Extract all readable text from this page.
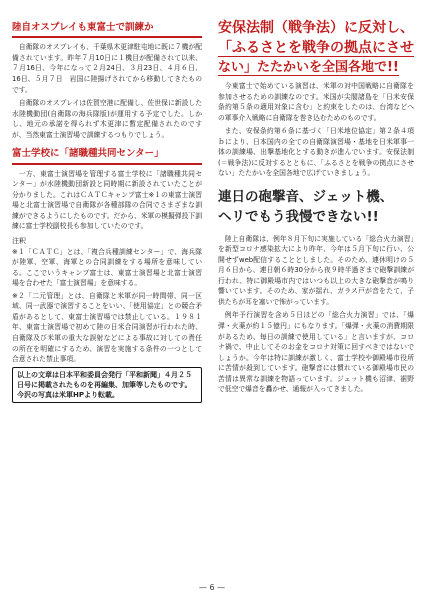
陸自オスプレイも東富士で訓練か

自衛隊のオスプレイも、千葉県木更津駐屯地に既に７機が配備されています。昨年７月10日に１機目が配備されて以来、７月16日、今年になって２月24日、３月23日、４月６日、16日、５月７日　岩国に陸揚げされてから移動してきたものです。

自衛隊のオスプレイは佐賀空港に配備し、佐世保に新設した水陸機動団(自衛隊の海兵隊版)が運用する予定でした。しかし、地元の承諾を得られず木更津に暫定配備されたのですが、当然東富士演習場で訓練するつもりでしょう。

富士学校に「諸職種共同センター」

一方、東富士演習場を管理する富士学校に「諸職種共同センター」が水陸機動団新設と同時期に新設されていたことが分かりました。これはＣＡＴＣキャンプ富士※１の東富士演習場と北富士演習場で自衛隊が各種部隊の合同でさまざまな訓練ができるようにしたものです。だから、米軍の模擬弾投下訓練に富士学校副校長も参加していたのです。

注釈

※１「ＣＡＴＣ」とは、「複合兵種訓練センター」で、海兵隊が陸軍、空軍、海軍との合同訓練をする場所を意味している。ここでいうキャンプ富士は、東富士演習場と北富士演習場を合わせた「富士演習場」を意味する。

※２「二元管理」とは、自衛隊と米軍が同一時間帯、同一区域、同一武器で演習することをいい、「使用協定」との競合矛盾があるとして、東富士演習場では禁止している。１９８１年、東富士演習場で初めて陸の日米合同演習が行われた時、自衛隊及び米軍の重大な誤射などによる事故に対しての責任の所在を明確にするため、演習を実施する条件の一つとして合意された禁止事項。

以上の文章は日本平和委員会発行「平和新聞」４月２５日号に掲載されたものを再編集、加筆等したものです。今沢の写真は米軍HPより転載。
安保法制（戦争法）に反対し、
「ふるさとを戦争の拠点にさせ
ない」たたかいを全国各地で!!

今東富士で始めている演習は、米軍の対中国戦略に自衛隊を参加させるための訓練なのです。米国が尖閣諸島を「日米安保条約第５条の適用対象に含む」と約束をしたのは、台湾などへの軍事介入戦略に自衛隊を巻き込むためのものです。

また、安保条約第６条に基づく「日米地位協定」第２条４項ｂにより、日本国内の全ての自衛隊演習場・基地を日米軍事一体の訓練場、出撃基地化とする動きが進んでいます。安保法制(＝戦争法)に反対するとともに、「ふるさとを戦争の拠点にさせない」たたかいを全国各地で広げていきましょう。

連日の砲撃音、ジェット機、
ヘリでもう我慢できない!!

陸上自衛隊は、例年８月下旬に実施している「総合火力演習」を新型コロナ感染拡大により昨年、今年は５月下旬に行い、公開せずweb配信することとしました。そのため、連休明けの５月６日から、連日朝６時30分から夜９時半過ぎまで砲撃訓練が行われ、特に御殿場市内ではいつも以上の大きな砲撃音が鳴り響いています。そのため、家が揺れ、ガラス戸が音をたて、子供たちが耳を塞いで怖がっています。

例年予行演習を含め５日ほどの「総合火力演習」では、「爆弾・火薬が約１５億円」にもなります。「爆弾・火薬の消費期限があるため、毎日の訓練で使用している」と言いますが、コロナ禍で、中止してそのお金をコロナ対策に回すべきではないでしょうか。今年は特に訓練が激しく、富士学校や御殿場市役所に苦情が殺到しています。砲撃音には慣れている御殿場市民の苦情は異常な訓練を物語っています。ジェット機も沼津、裾野で低空で爆音を轟かせ、通報が入ってきました。

— 6 —
